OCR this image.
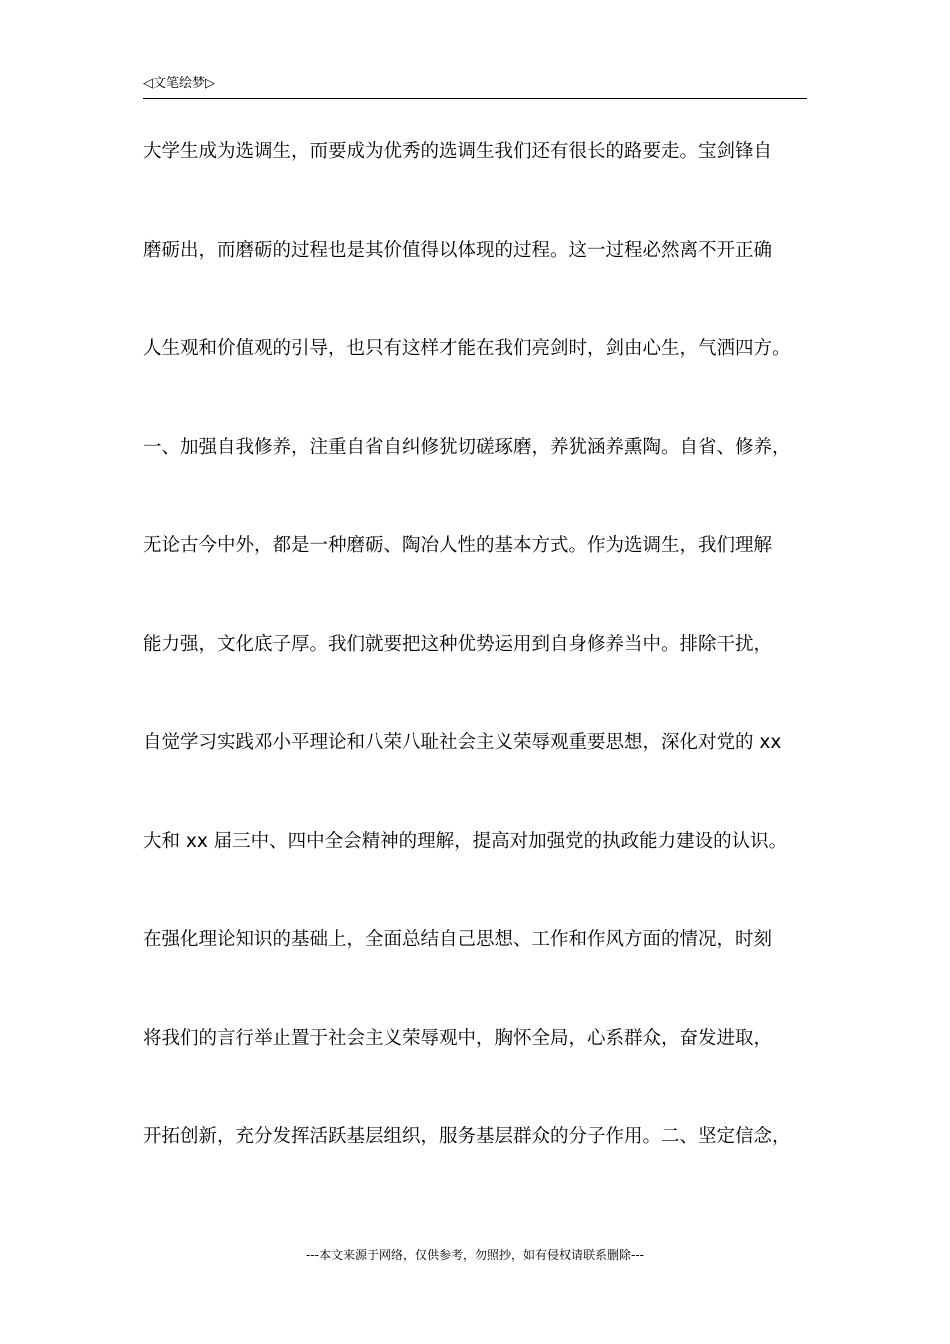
◁文笔绘梦▷
大学生成为选调生，而要成为优秀的选调生我们还有很长的路要走。宝剑锋自
磨砺出，而磨砺的过程也是其价值得以体现的过程。这一过程必然离不开正确
人生观和价值观的引导，也只有这样才能在我们亮剑时，剑由心生，气洒四方。
一、加强自我修养，注重自省自纠修犹切磋琢磨，养犹涵养熏陶。自省、修养，
无论古今中外，都是一种磨砺、陶冶人性的基本方式。作为选调生，我们理解
能力强，文化底子厚。我们就要把这种优势运用到自身修养当中。排除干扰，
自觉学习实践邓小平理论和八荣八耻社会主义荣辱观重要思想，深化对党的 xx
大和 xx 届三中、四中全会精神的理解，提高对加强党的执政能力建设的认识。
在强化理论知识的基础上，全面总结自己思想、工作和作风方面的情况，时刻
将我们的言行举止置于社会主义荣辱观中，胸怀全局，心系群众，奋发进取，
开拓创新，充分发挥活跃基层组织，服务基层群众的分子作用。二、坚定信念，
---本文来源于网络，仅供参考，勿照抄，如有侵权请联系删除---
